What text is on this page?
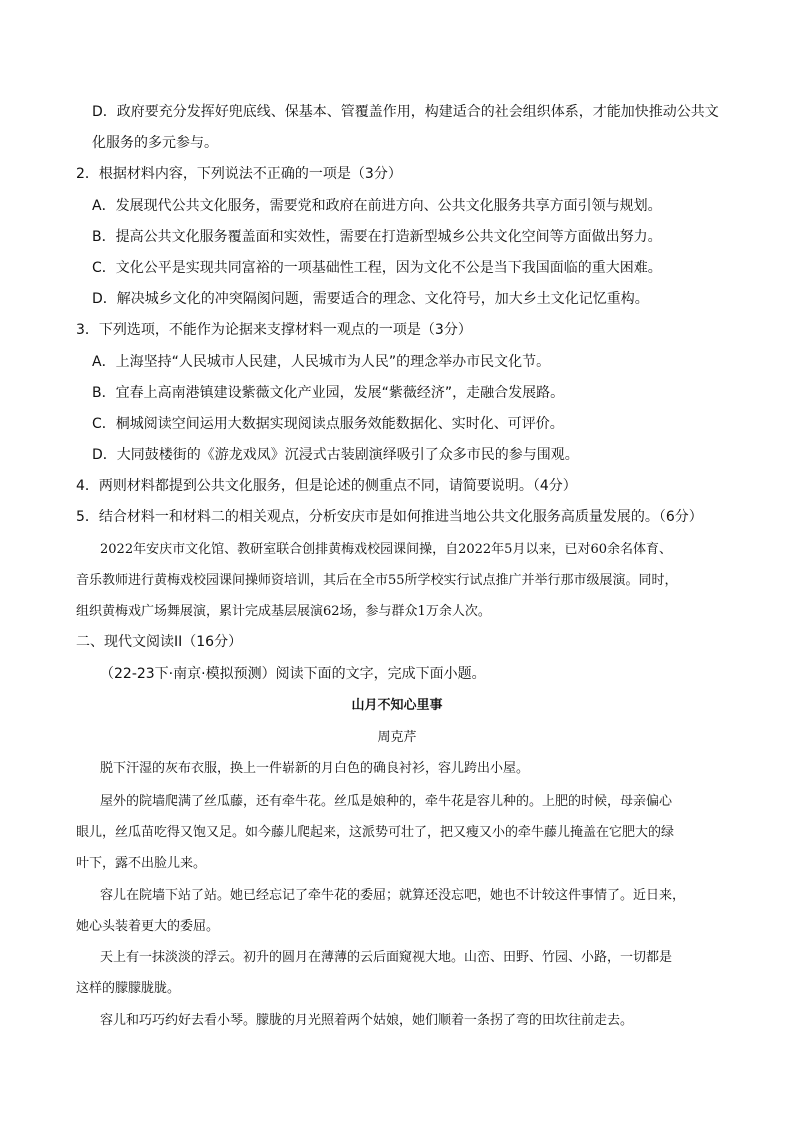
D．政府要充分发挥好兜底线、保基本、管覆盖作用，构建适合的社会组织体系，才能加快推动公共文
化服务的多元参与。
2．根据材料内容，下列说法不正确的一项是（3分）
A．发展现代公共文化服务，需要党和政府在前进方向、公共文化服务共享方面引领与规划。
B．提高公共文化服务覆盖面和实效性，需要在打造新型城乡公共文化空间等方面做出努力。
C．文化公平是实现共同富裕的一项基础性工程，因为文化不公是当下我国面临的重大困难。
D．解决城乡文化的冲突隔阂问题，需要适合的理念、文化符号，加大乡土文化记忆重构。
3．下列选项，不能作为论据来支撑材料一观点的一项是（3分）
A．上海坚持“人民城市人民建，人民城市为人民”的理念举办市民文化节。
B．宜春上高南港镇建设紫薇文化产业园，发展“紫薇经济”，走融合发展路。
C．桐城阅读空间运用大数据实现阅读点服务效能数据化、实时化、可评价。
D．大同鼓楼街的《游龙戏凤》沉浸式古装剧演绎吸引了众多市民的参与围观。
4．两则材料都提到公共文化服务，但是论述的侧重点不同，请简要说明。（4分）
5．结合材料一和材料二的相关观点，分析安庆市是如何推进当地公共文化服务高质量发展的。（6分）
2022年安庆市文化馆、教研室联合创排黄梅戏校园课间操，自2022年5月以来，已对60余名体育、
音乐教师进行黄梅戏校园课间操师资培训，其后在全市55所学校实行试点推广并举行那市级展演。同时，
组织黄梅戏广场舞展演，累计完成基层展演62场，参与群众1万余人次。
二、现代文阅读II（16分）
（22-23下·南京·模拟预测）阅读下面的文字，完成下面小题。
山月不知心里事
周克芹
脱下汗湿的灰布衣服，换上一件崭新的月白色的确良衬衫，容儿跨出小屋。
屋外的院墙爬满了丝瓜藤，还有牵牛花。丝瓜是娘种的，牵牛花是容儿种的。上肥的时候，母亲偏心
眼儿，丝瓜苗吃得又饱又足。如今藤儿爬起来，这派势可壮了，把又瘦又小的牵牛藤儿掩盖在它肥大的绿
叶下，露不出脸儿来。
容儿在院墙下站了站。她已经忘记了牵牛花的委屈；就算还没忘吧，她也不计较这件事情了。近日来，
她心头装着更大的委屈。
天上有一抹淡淡的浮云。初升的圆月在薄薄的云后面窥视大地。山峦、田野、竹园、小路，一切都是
这样的朦朦胧胧。
容儿和巧巧约好去看小琴。朦胧的月光照着两个姑娘，她们顺着一条拐了弯的田坎往前走去。
